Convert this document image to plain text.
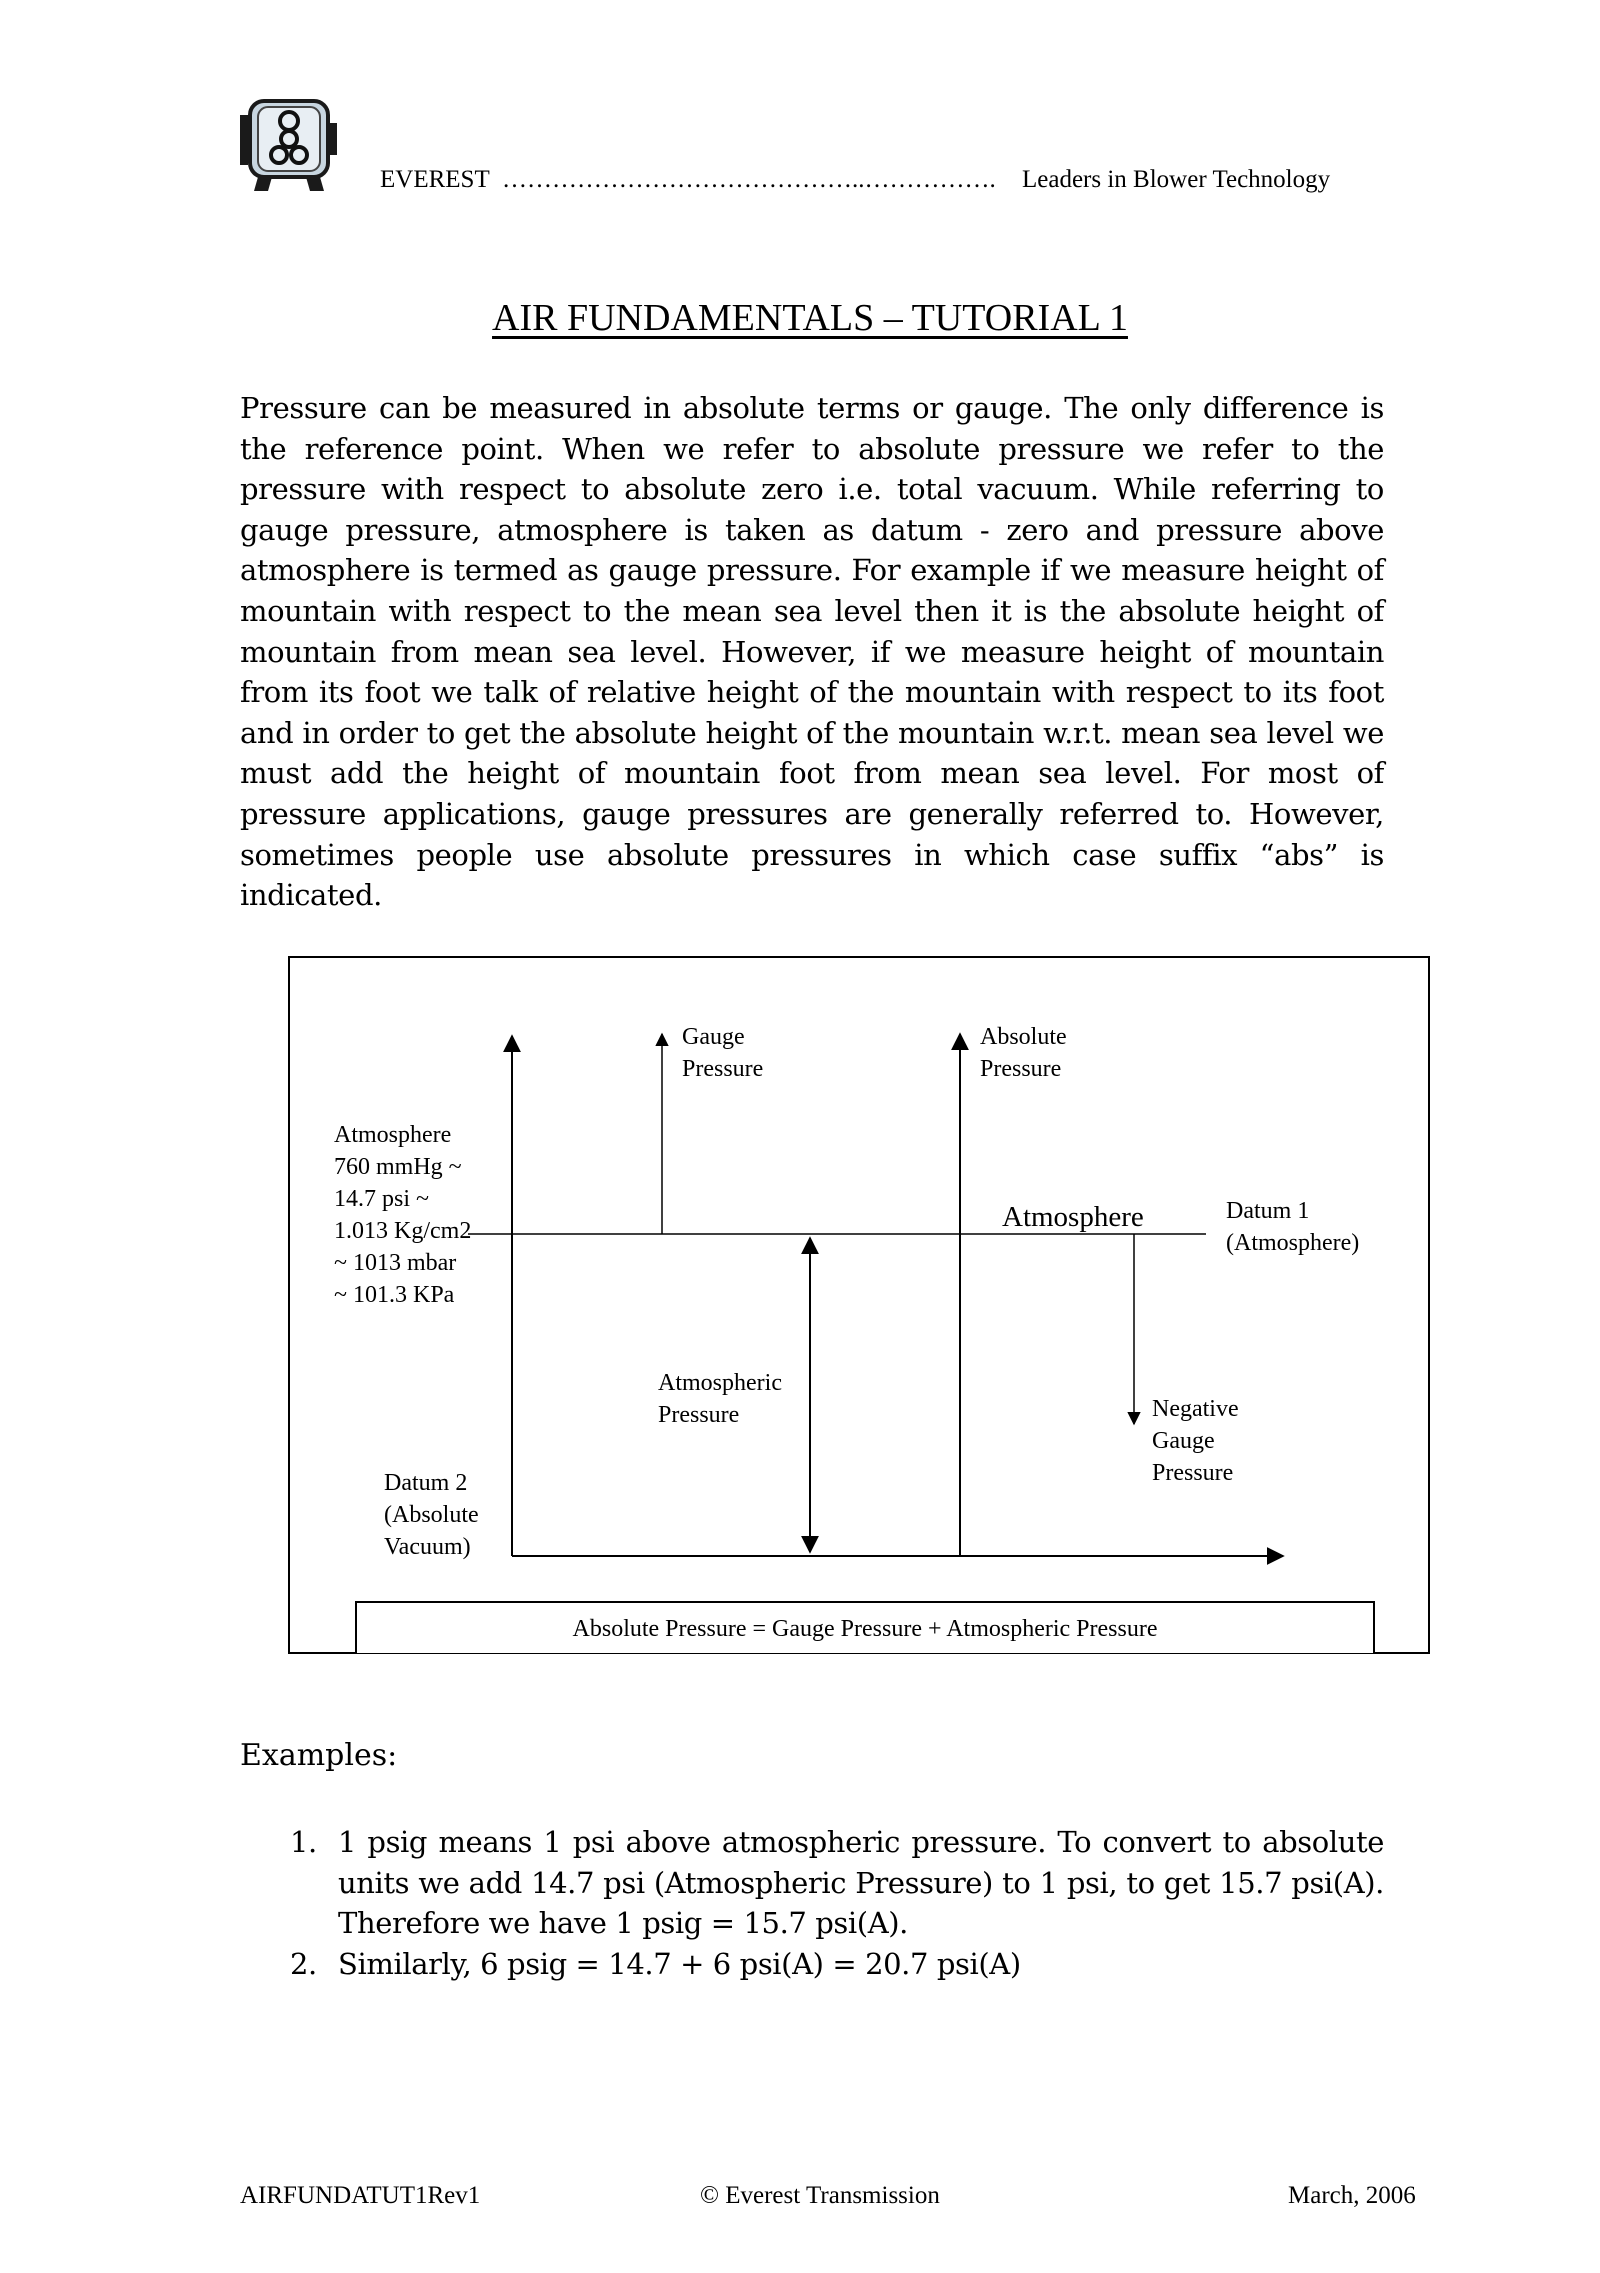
EVEREST ……………………………………..…………….	Leaders in Blower Technology
AIR FUNDAMENTALS – TUTORIAL 1
Pressure can be measured in absolute terms or gauge. The only difference is the reference point. When we refer to absolute pressure we refer to the pressure with respect to absolute zero i.e. total vacuum. While referring to gauge pressure, atmosphere is taken as datum - zero and pressure above atmosphere is termed as gauge pressure. For example if we measure height of mountain with respect to the mean sea level then it is the absolute height of mountain from mean sea level. However, if we measure height of mountain from its foot we talk of relative height of the mountain with respect to its foot and in order to get the absolute height of the mountain w.r.t. mean sea level we must add the height of mountain foot from mean sea level. For most of pressure applications, gauge pressures are generally referred to. However, sometimes people use absolute pressures in which case suffix “abs” is indicated.
Gauge Pressure
Absolute Pressure
Atmosphere 760 mmHg ~ 14.7 psi ~ 1.013 Kg/cm2 ~ 1013 mbar ~ 101.3 KPa
Atmosphere	Datum 1 (Atmosphere)
Atmospheric Pressure	Negative Gauge Pressure
Datum 2 (Absolute Vacuum)
Absolute Pressure = Gauge Pressure + Atmospheric Pressure
Examples:
1. 1 psig means 1 psi above atmospheric pressure. To convert to absolute units we add 14.7 psi (Atmospheric Pressure) to 1 psi, to get 15.7 psi(A). Therefore we have 1 psig = 15.7 psi(A).
2. Similarly, 6 psig = 14.7 + 6 psi(A) = 20.7 psi(A)
AIRFUNDATUT1Rev1	© Everest Transmission	March, 2006
